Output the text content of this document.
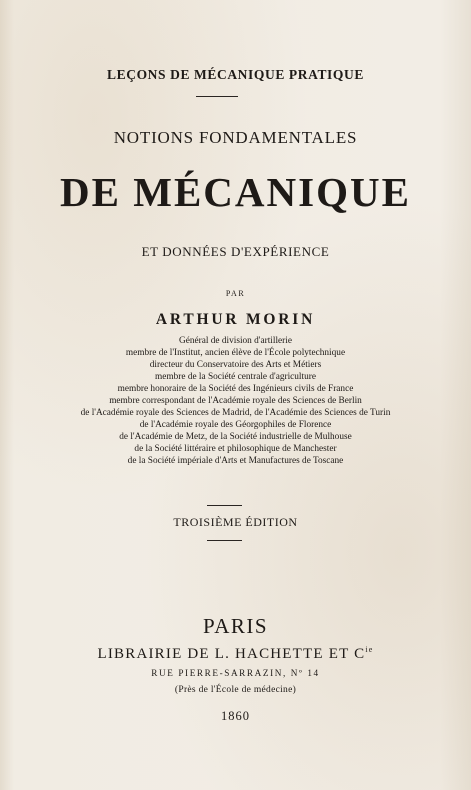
LEÇONS DE MÉCANIQUE PRATIQUE
NOTIONS FONDAMENTALES
DE MÉCANIQUE
ET DONNÉES D'EXPÉRIENCE
PAR
ARTHUR MORIN
Général de division d'artillerie
membre de l'Institut, ancien élève de l'École polytechnique
directeur du Conservatoire des Arts et Métiers
membre de la Société centrale d'agriculture
membre honoraire de la Société des Ingénieurs civils de France
membre correspondant de l'Académie royale des Sciences de Berlin
de l'Académie royale des Sciences de Madrid, de l'Académie des Sciences de Turin
de l'Académie royale des Géorgophiles de Florence
de l'Académie de Metz, de la Société industrielle de Mulhouse
de la Société littéraire et philosophique de Manchester
de la Société impériale d'Arts et Manufactures de Toscane
TROISIÈME ÉDITION
PARIS
LIBRAIRIE DE L. HACHETTE ET $C^{ie}$
RUE PIERRE-SARRAZIN, Nº 14
(Près de l'École de médecine)
1860
